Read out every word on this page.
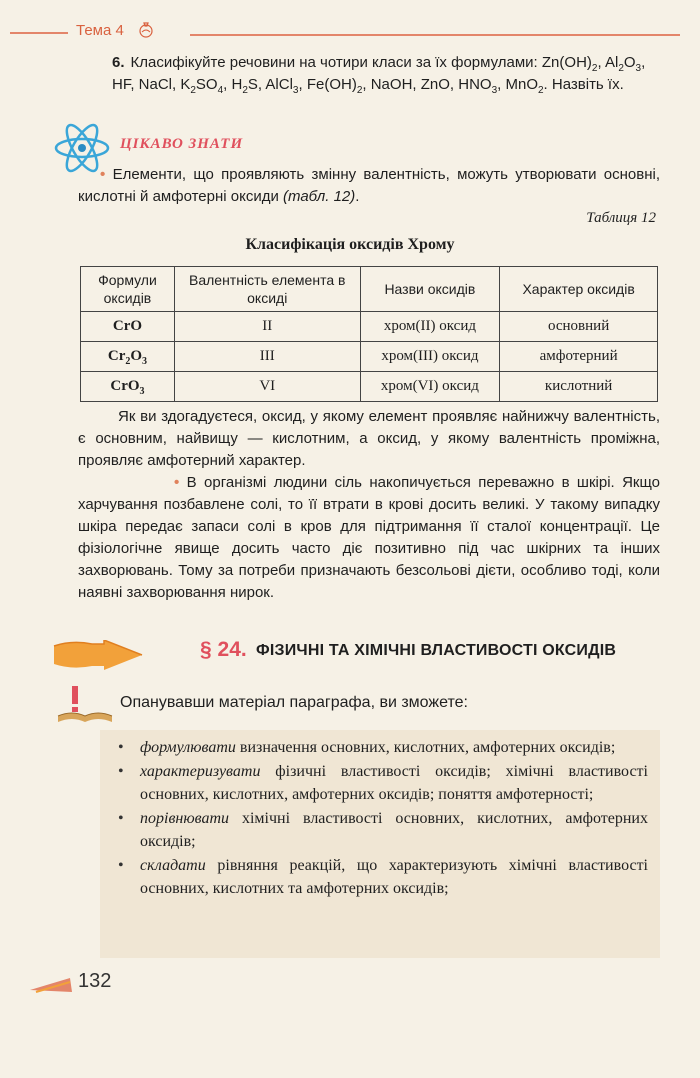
Тема 4
6. Класифікуйте речовини на чотири класи за їх формулами: $Zn(OH)_2$, $Al_2O_3$, HF, NaCl, $K_2SO_4$, $H_2S$, AlCl$_3$, $Fe(OH)_2$, NaOH, ZnO, $HNO_3$, MnO$_2$. Назвіть їх.
ЦІКАВО ЗНАТИ
• Елементи, що проявляють змінну валентність, можуть утворювати основні, кислотні й амфотерні оксиди (табл. 12).
Таблиця 12
Класифікація оксидів Хрому
Формули оксидів	Валентність елемента в оксиді	Назви оксидів	Характер оксидів
CrO	II	хром(ІІ) оксид	основний
$Cr_2O_3$	III	хром(ІІІ) оксид	амфотерний
CrO$_3$	VI	хром(VI) оксид	кислотний
Як ви здогадуєтеся, оксид, у якому елемент проявляє найнижчу валентність, є основним, найвищу — кислотним, а оксид, у якому валентність проміжна, проявляє амфотерний характер.
• В організмі людини сіль накопичується переважно в шкірі. Якщо харчування позбавлене солі, то її втрати в крові досить великі. У такому випадку шкіра передає запаси солі в кров для підтримання її сталої концентрації. Це фізіологічне явище досить часто діє позитивно під час шкірних та інших захворювань. Тому за потреби призначають безсольові дієти, особливо тоді, коли наявні захворювання нирок.
§ 24. ФІЗИЧНІ ТА ХІМІЧНІ ВЛАСТИВОСТІ ОКСИДІВ
Опанувавши матеріал параграфа, ви зможете:
• формулювати визначення основних, кислотних, амфотерних оксидів;
• характеризувати фізичні властивості оксидів; хімічні властивості основних, кислотних, амфотерних оксидів; поняття амфотерності;
• порівнювати хімічні властивості основних, кислотних, амфотерних оксидів;
• складати рівняння реакцій, що характеризують хімічні властивості основних, кислотних та амфотерних оксидів;
132
